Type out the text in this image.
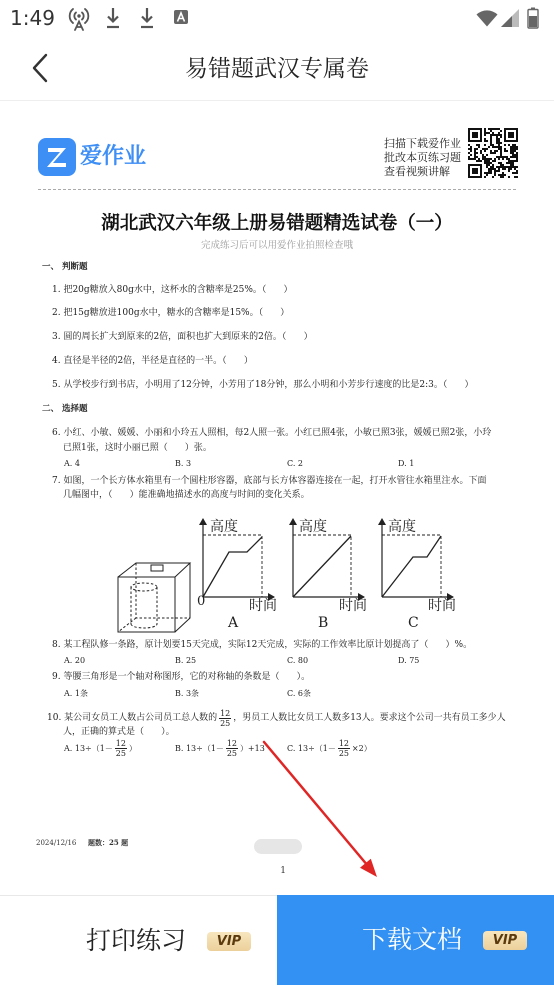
1:49
易错题武汉专属卷
爱作业
扫描下载爱作业
批改本页练习题
查看视频讲解
湖北武汉六年级上册易错题精选试卷（一）
完成练习后可以用爱作业拍照检查哦
一、 判断题
1. 把20g糖放入80g水中，这杯水的含糖率是25%。（      ）
2. 把15g糖放进100g水中，糖水的含糖率是15%。（      ）
3. 圆的周长扩大到原来的2倍，面积也扩大到原来的2倍。（      ）
4. 直径是半径的2倍，半径是直径的一半。（      ）
5. 从学校步行到书店，小明用了12分钟，小芳用了18分钟，那么小明和小芳步行速度的比是2:3。（      ）
二、 选择题
6. 小红、小敏、媛媛、小丽和小玲五人照相，每2人照一张。小红已照4张，小敏已照3张，媛媛已照2张，小玲
已照1张，这时小丽已照（      ）张。
A. 4	B. 3	C. 2	D. 1
7. 如图，一个长方体水箱里有一个圆柱形容器，底部与长方体容器连接在一起，打开水管往水箱里注水。下面
几幅图中，（      ）能准确地描述水的高度与时间的变化关系。
高度
时间
0
A
高度
时间
B
高度
时间
C
8. 某工程队修一条路，原计划要15天完成，实际12天完成，实际的工作效率比原计划提高了（      ）%。
A. 20	B. 25	C. 80	D. 75
9. 等腰三角形是一个轴对称图形，它的对称轴的条数是（      ）。
A. 1条	B. 3条	C. 6条
10. 某公司女员工人数占公司员工总人数的 $\frac{12}{25}$ ，男员工人数比女员工人数多13人。要求这个公司一共有员工多少人
人，正确的算式是（      ）。
A. $13\div(1- \frac{12}{25}$ ）	B. $13\div(1- \frac{12}{25} )+13$	C. $13\div(1- \frac{12}{25} \times 2)$
2024/12/16 题数：25 题

1

打印练习

	VIP

	下载文档

	VIP
